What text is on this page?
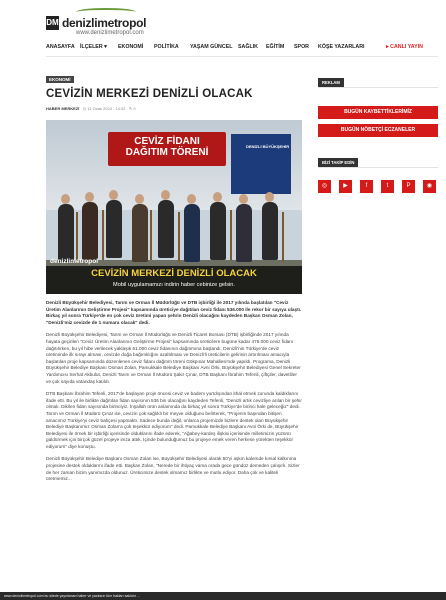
DM denizlimetropol
www.denizlimetropol.com
ANASAYFA İLÇELER ▾ EKONOMİ POLİTİKA YAŞAM GÜNCEL SAĞLIK EĞİTİM SPOR KÖŞE YAZARLARI	▸ CANLI YAYIN
EKONOMİ
CEVİZİN MERKEZİ DENİZLİ OLACAK
HABER MERKEZİ ◷ 11 Ocak 2024 - 14:32 ✎ 0
CEVİZ FİDANI DAĞITIM TÖRENİ
DENİZLİ BÜYÜKŞEHİR
denizlimetropol
CEVİZİN MERKEZİ DENİZLİ OLACAK
Mobil uygulamamızı indirin haber cebinize gelsin.

Denizli Büyükşehir Belediyesi, Tarım ve Orman İl Müdürlüğü ve DTB işbirliği ile 2017 yılında başlatılan "Ceviz Üretim Alanlarının Geliştirme Projesi" kapsamında üreticiye dağıtılan ceviz fidanı 536.000 ile rekor bir sayıya ulaştı. Birkaç yıl sonra Türkiye'de en çok ceviz üretimi yapan şehrin Denizli olacağını kaydeden Başkan Osman Zolan, "Denizli'miz cevizde de 1 numara olacak" dedi.

Denizli Büyükşehir Belediyesi, Tarım ve Orman İl Müdürlüğü ve Denizli Ticaret Borsası (DTB) işbirliğinde 2017 yılında hayata geçirilen "Ceviz Üretim Alanlarının Geliştirme Projesi" kapsamında üreticilere bugüne kadar 476.000 ceviz fidanı dağıtılırken, bu yıl hibe verilecek yaklaşık 61.000 ceviz fidanının dağıtımına başlandı. Denizli'nin Türkiye'de ceviz üretiminde ilk sırayı alması, cevizde doğa bağımlılığını azaltılması ve Denizli'li üreticilerin gelirinin artırılması amacıyla başlatılan proje kapsamında düzenlenen ceviz fidanı dağıtım töreni Gökpınar Mahallesi'nde yapıldı. Programa, Denizli Büyükşehir Belediye Başkanı Osman Zolan, Pamukkale Belediye Başkanı Avni Örki, Büyükşehir Belediyesi Genel Sekreter Yardımcısı Serhat Akbulut, Denizli Tarım ve Orman İl Müdürü Şakir Çınar, DTB Başkanı İbrahim Tefenli, çiftçiler, davetliler ve çok sayıda vatandaş katıldı.

DTB Başkanı İbrahim Tefenli, 2017'de başlayan proje öncesi ceviz ve badem yurtdışından ithal etmek zorunda kaldıklarını ifade etti. Bu yıl ile birlikte dağıtılan fidan sayısının 536 bin olacağını kaydeden Tefenli, "Denizli artık cevizliye arılan bir şehir olmalı. Dikilen fidan sayısında birinciyiz. İnşallah ürün anlamında da birkaç yıl sonra Türkiye'de birinci hale geleceğiz" dedi. Tarım ve Orman İl Müdürü Çınar ise, cevizin çok sağlıklı bir meyve olduğunu belirterek, "Projenin başından bitişen amacımız Türkiye'yi ceviz bahçesi yapmaktı. Sadece bunda değil, onlarca projemizde bizlere destek olan Büyükşehir Belediye Başkanımız Osman Zolan'a çok teşekkür ediyorum" dedi. Pamukkale Belediye Başkanı Avni Örki de, Büyükşehir Belediyesi ile örnek bir işbirliği içerisinde olduklarını ifade ederek, "Ağabey-kardeş ilişkisi içerisinde milletimizin yüzünü güldürmek için birçok güzel projeye imza attık. İçinde bulunduğumuz bu projeye emek veren herkese yürekten teşekkür ediyorum" diye konuştu.

Denizli Büyükşehir Belediye Başkanı Osman Zolan ise, Büyükşehir Belediyesi olarak 50'yi aşkın kalemde kırsal kalkınma projesine destek olduklarını ifade etti. Başkan Zolan, "Nerede bir ihtiyaç varsa orada gece gündüz demeden çalışırk. Sizler de her zaman bizim yanımızda oldunuz. Üreticimize destek olmamız birlikte ve mutlu ediyor. Daha çok ve kaliteli üretmemiz...

REKLAM
BUGÜN KAYBETTİKLERİMİZ
BUGÜN NÖBETÇİ ECZANELER
BİZİ TAKİP EDİN
◎	▶	f	t	P	◉
www.denizlimetropol.com bu sitede yayınlanan haber ve yazıların tüm hakları saklıdır ...
